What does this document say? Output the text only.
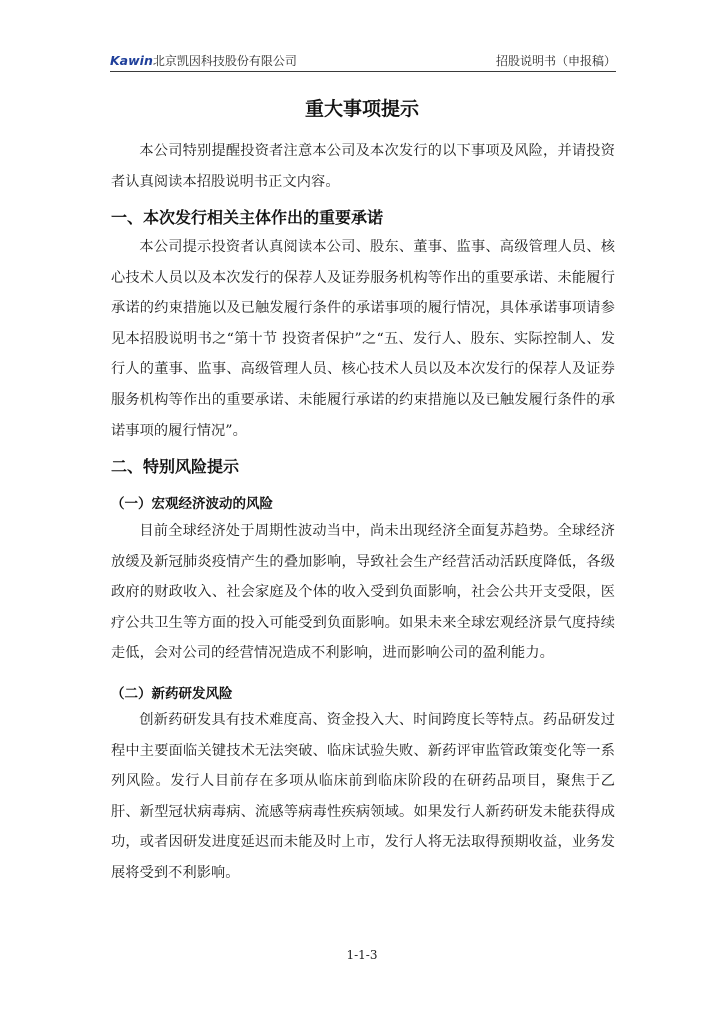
Kawin北京凯因科技股份有限公司	招股说明书（申报稿）
重大事项提示
本公司特别提醒投资者注意本公司及本次发行的以下事项及风险，并请投资者认真阅读本招股说明书正文内容。
一、本次发行相关主体作出的重要承诺
本公司提示投资者认真阅读本公司、股东、董事、监事、高级管理人员、核心技术人员以及本次发行的保荐人及证券服务机构等作出的重要承诺、未能履行承诺的约束措施以及已触发履行条件的承诺事项的履行情况，具体承诺事项请参见本招股说明书之“第十节 投资者保护”之“五、发行人、股东、实际控制人、发行人的董事、监事、高级管理人员、核心技术人员以及本次发行的保荐人及证券服务机构等作出的重要承诺、未能履行承诺的约束措施以及已触发履行条件的承诺事项的履行情况”。
二、特别风险提示
（一）宏观经济波动的风险
目前全球经济处于周期性波动当中，尚未出现经济全面复苏趋势。全球经济放缓及新冠肺炎疫情产生的叠加影响，导致社会生产经营活动活跃度降低，各级政府的财政收入、社会家庭及个体的收入受到负面影响，社会公共开支受限，医疗公共卫生等方面的投入可能受到负面影响。如果未来全球宏观经济景气度持续走低，会对公司的经营情况造成不利影响，进而影响公司的盈利能力。
（二）新药研发风险
创新药研发具有技术难度高、资金投入大、时间跨度长等特点。药品研发过程中主要面临关键技术无法突破、临床试验失败、新药评审监管政策变化等一系列风险。发行人目前存在多项从临床前到临床阶段的在研药品项目，聚焦于乙肝、新型冠状病毒病、流感等病毒性疾病领域。如果发行人新药研发未能获得成功，或者因研发进度延迟而未能及时上市，发行人将无法取得预期收益，业务发展将受到不利影响。
1-1-3
